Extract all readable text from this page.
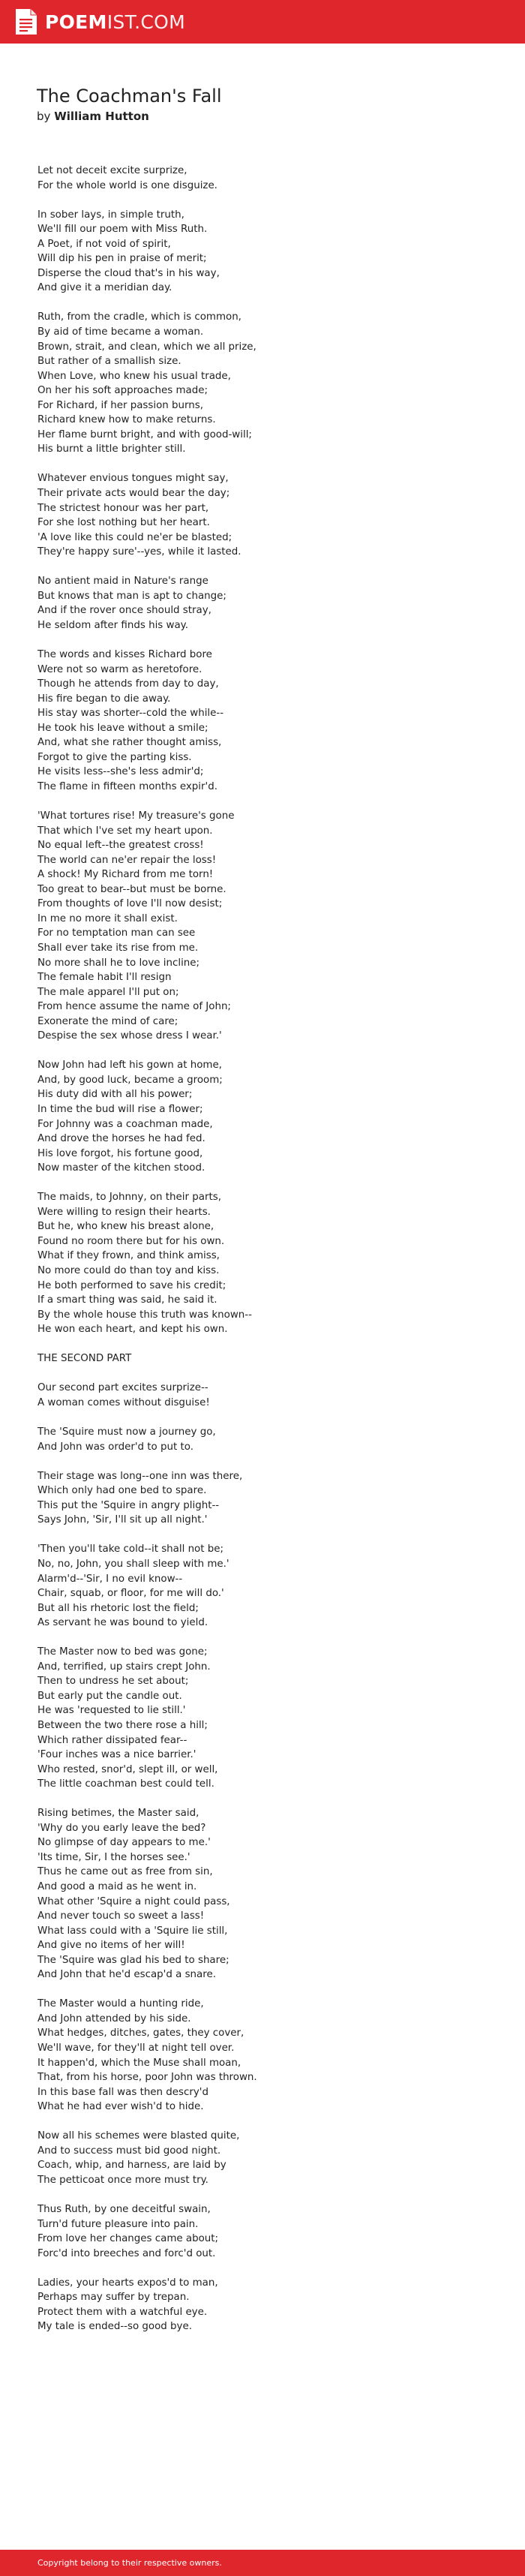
POEMIST.COM
The Coachman's Fall
by William Hutton
Let not deceit excite surprize,
For the whole world is one disguize.
In sober lays, in simple truth,
We'll fill our poem with Miss Ruth.
A Poet, if not void of spirit,
Will dip his pen in praise of merit;
Disperse the cloud that's in his way,
And give it a meridian day.
Ruth, from the cradle, which is common,
By aid of time became a woman.
Brown, strait, and clean, which we all prize,
But rather of a smallish size.
When Love, who knew his usual trade,
On her his soft approaches made;
For Richard, if her passion burns,
Richard knew how to make returns.
Her flame burnt bright, and with good-will;
His burnt a little brighter still.
Whatever envious tongues might say,
Their private acts would bear the day;
The strictest honour was her part,
For she lost nothing but her heart.
'A love like this could ne'er be blasted;
They're happy sure'--yes, while it lasted.
No antient maid in Nature's range
But knows that man is apt to change;
And if the rover once should stray,
He seldom after finds his way.
The words and kisses Richard bore
Were not so warm as heretofore.
Though he attends from day to day,
His fire began to die away.
His stay was shorter--cold the while--
He took his leave without a smile;
And, what she rather thought amiss,
Forgot to give the parting kiss.
He visits less--she's less admir'd;
The flame in fifteen months expir'd.
'What tortures rise! My treasure's gone
That which I've set my heart upon.
No equal left--the greatest cross!
The world can ne'er repair the loss!
A shock! My Richard from me torn!
Too great to bear--but must be borne.
From thoughts of love I'll now desist;
In me no more it shall exist.
For no temptation man can see
Shall ever take its rise from me.
No more shall he to love incline;
The female habit I'll resign
The male apparel I'll put on;
From hence assume the name of John;
Exonerate the mind of care;
Despise the sex whose dress I wear.'
Now John had left his gown at home,
And, by good luck, became a groom;
His duty did with all his power;
In time the bud will rise a flower;
For Johnny was a coachman made,
And drove the horses he had fed.
His love forgot, his fortune good,
Now master of the kitchen stood.
The maids, to Johnny, on their parts,
Were willing to resign their hearts.
But he, who knew his breast alone,
Found no room there but for his own.
What if they frown, and think amiss,
No more could do than toy and kiss.
He both performed to save his credit;
If a smart thing was said, he said it.
By the whole house this truth was known--
He won each heart, and kept his own.
THE SECOND PART
Our second part excites surprize--
A woman comes without disguise!
The 'Squire must now a journey go,
And John was order'd to put to.
Their stage was long--one inn was there,
Which only had one bed to spare.
This put the 'Squire in angry plight--
Says John, 'Sir, I'll sit up all night.'
'Then you'll take cold--it shall not be;
No, no, John, you shall sleep with me.'
Alarm'd--'Sir, I no evil know--
Chair, squab, or floor, for me will do.'
But all his rhetoric lost the field;
As servant he was bound to yield.
The Master now to bed was gone;
And, terrified, up stairs crept John.
Then to undress he set about;
But early put the candle out.
He was 'requested to lie still.'
Between the two there rose a hill;
Which rather dissipated fear--
'Four inches was a nice barrier.'
Who rested, snor'd, slept ill, or well,
The little coachman best could tell.
Rising betimes, the Master said,
'Why do you early leave the bed?
No glimpse of day appears to me.'
'Its time, Sir, I the horses see.'
Thus he came out as free from sin,
And good a maid as he went in.
What other 'Squire a night could pass,
And never touch so sweet a lass!
What lass could with a 'Squire lie still,
And give no items of her will!
The 'Squire was glad his bed to share;
And John that he'd escap'd a snare.
The Master would a hunting ride,
And John attended by his side.
What hedges, ditches, gates, they cover,
We'll wave, for they'll at night tell over.
It happen'd, which the Muse shall moan,
That, from his horse, poor John was thrown.
In this base fall was then descry'd
What he had ever wish'd to hide.
Now all his schemes were blasted quite,
And to success must bid good night.
Coach, whip, and harness, are laid by
The petticoat once more must try.
Thus Ruth, by one deceitful swain,
Turn'd future pleasure into pain.
From love her changes came about;
Forc'd into breeches and forc'd out.
Ladies, your hearts expos'd to man,
Perhaps may suffer by trepan.
Protect them with a watchful eye.
My tale is ended--so good bye.
Copyright belong to their respective owners.
